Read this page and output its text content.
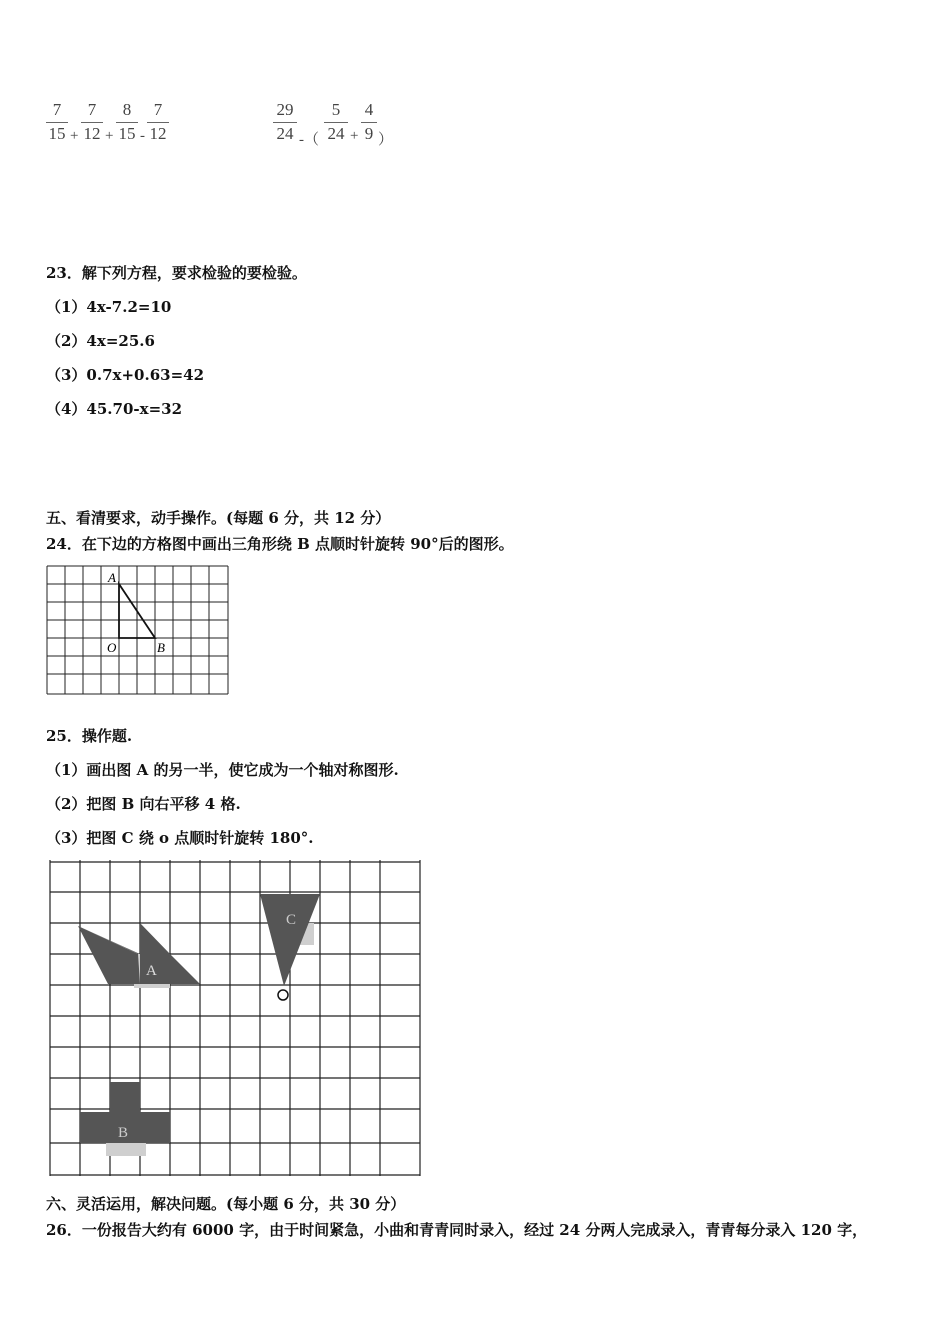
7
15 +
7
12 +
8
15 -
7
12
29
24 -（
5
24 +
4
9 ）
23．解下列方程，要求检验的要检验。
（1）4x-7.2=10
（2）4x=25.6
（3）0.7x+0.63=42
（4）45.70-x=32
五、看清要求，动手操作。(每题 6 分，共 12 分）
24．在下边的方格图中画出三角形绕 B 点顺时针旋转 90°后的图形。
A
O	B
25．操作题.
（1）画出图 A 的另一半，使它成为一个轴对称图形.
（2）把图 B 向右平移 4 格.
（3）把图 C 绕 o 点顺时针旋转 180°.
A
C
B
六、灵活运用，解决问题。(每小题 6 分，共 30 分）
26．一份报告大约有 6000 字，由于时间紧急，小曲和青青同时录入，经过 24 分两人完成录入，青青每分录入 120 字，
